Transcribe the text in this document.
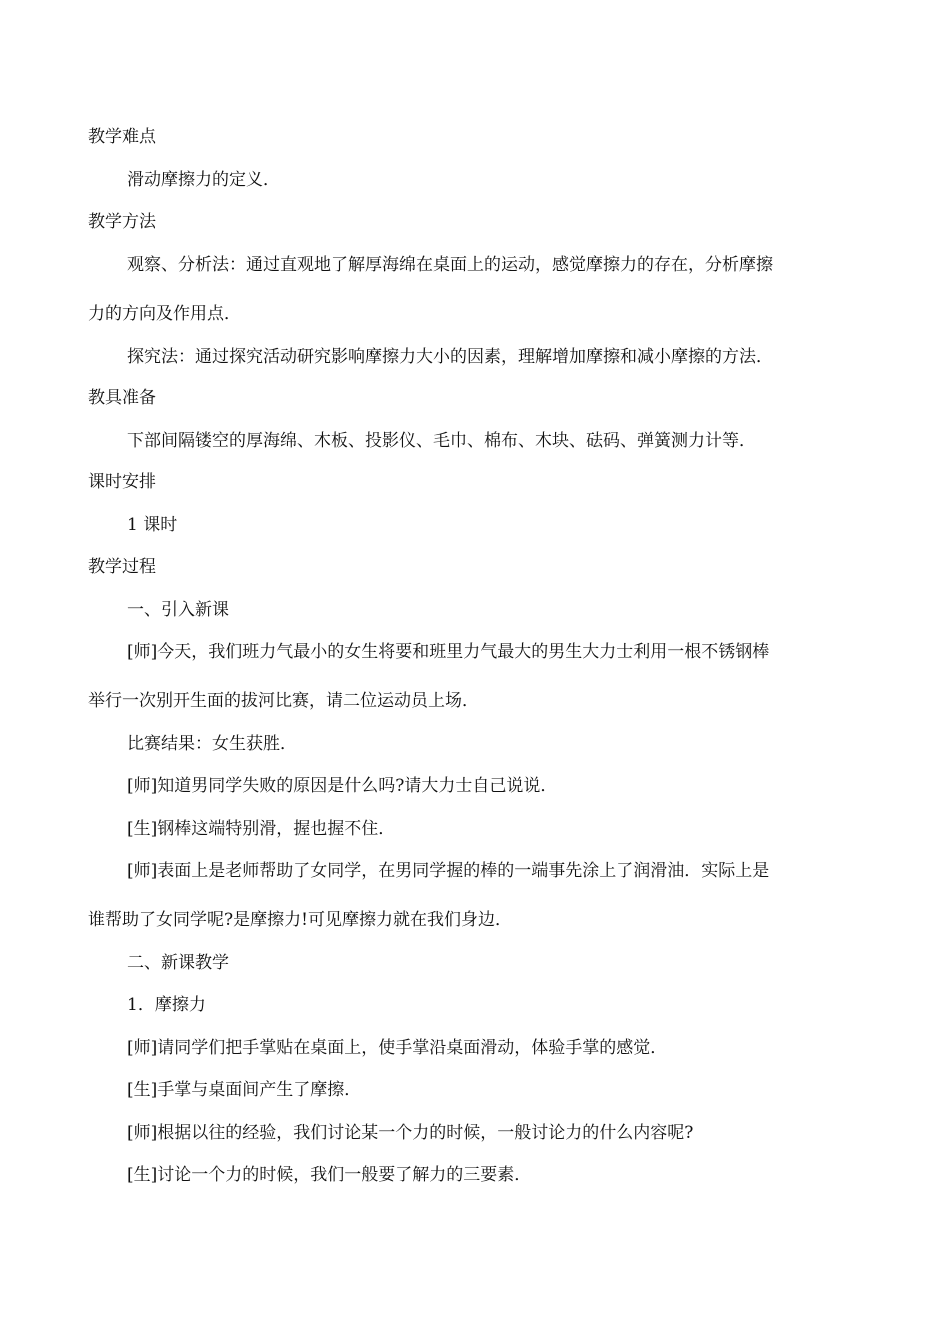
教学难点
滑动摩擦力的定义．
教学方法
观察、分析法：通过直观地了解厚海绵在桌面上的运动，感觉摩擦力的存在，分析摩擦
力的方向及作用点．
探究法：通过探究活动研究影响摩擦力大小的因素，理解增加摩擦和减小摩擦的方法．
教具准备
下部间隔镂空的厚海绵、木板、投影仪、毛巾、棉布、木块、砝码、弹簧测力计等．
课时安排
1 课时
教学过程
一、引入新课
[师]今天，我们班力气最小的女生将要和班里力气最大的男生大力士利用一根不锈钢棒
举行一次别开生面的拔河比赛，请二位运动员上场．
比赛结果：女生获胜．
[师]知道男同学失败的原因是什么吗?请大力士自己说说．
[生]钢棒这端特别滑，握也握不住．
[师]表面上是老师帮助了女同学，在男同学握的棒的一端事先涂上了润滑油．实际上是
谁帮助了女同学呢?是摩擦力!可见摩擦力就在我们身边．
二、新课教学
1．摩擦力
[师]请同学们把手掌贴在桌面上，使手掌沿桌面滑动，体验手掌的感觉．
[生]手掌与桌面间产生了摩擦．
[师]根据以往的经验，我们讨论某一个力的时候，一般讨论力的什么内容呢?
[生]讨论一个力的时候，我们一般要了解力的三要素．
